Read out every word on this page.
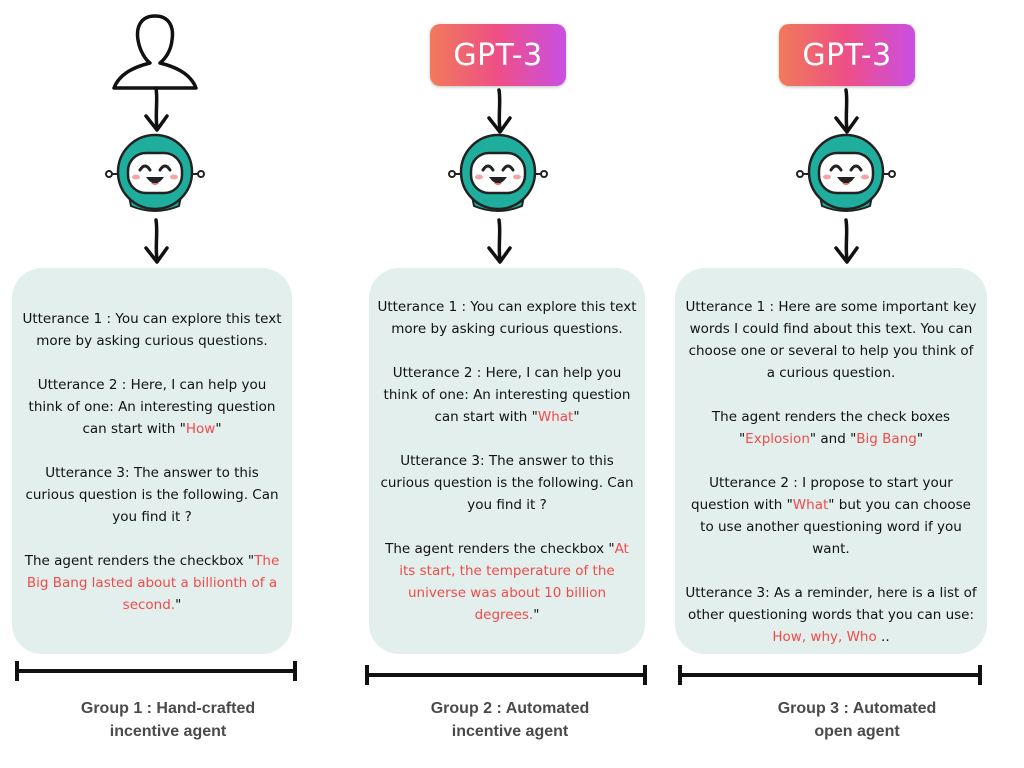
Utterance 1 : You can explore this text more by asking curious questions.

Utterance 2 : Here, I can help you think of one: An interesting question can start with "How"

Utterance 3: The answer to this curious question is the following. Can you find it ?

The agent renders the checkbox "The Big Bang lasted about a billionth of a second."

Group 1 : Hand-crafted
incentive agent
GPT-3

Utterance 1 : You can explore this text more by asking curious questions.

Utterance 2 : Here, I can help you think of one: An interesting question can start with "What"

Utterance 3: The answer to this curious question is the following. Can you find it ?

The agent renders the checkbox "At its start, the temperature of the universe was about 10 billion degrees."

Group 2 : Automated
incentive agent
GPT-3

Utterance 1 : Here are some important key words I could find about this text. You can choose one or several to help you think of a curious question.

The agent renders the check boxes "Explosion" and "Big Bang"

Utterance 2 : I propose to start your question with "What" but you can choose to use another questioning word if you want.

Utterance 3: As a reminder, here is a list of other questioning words that you can use: How, why, Who ..

Group 3 : Automated
open agent
